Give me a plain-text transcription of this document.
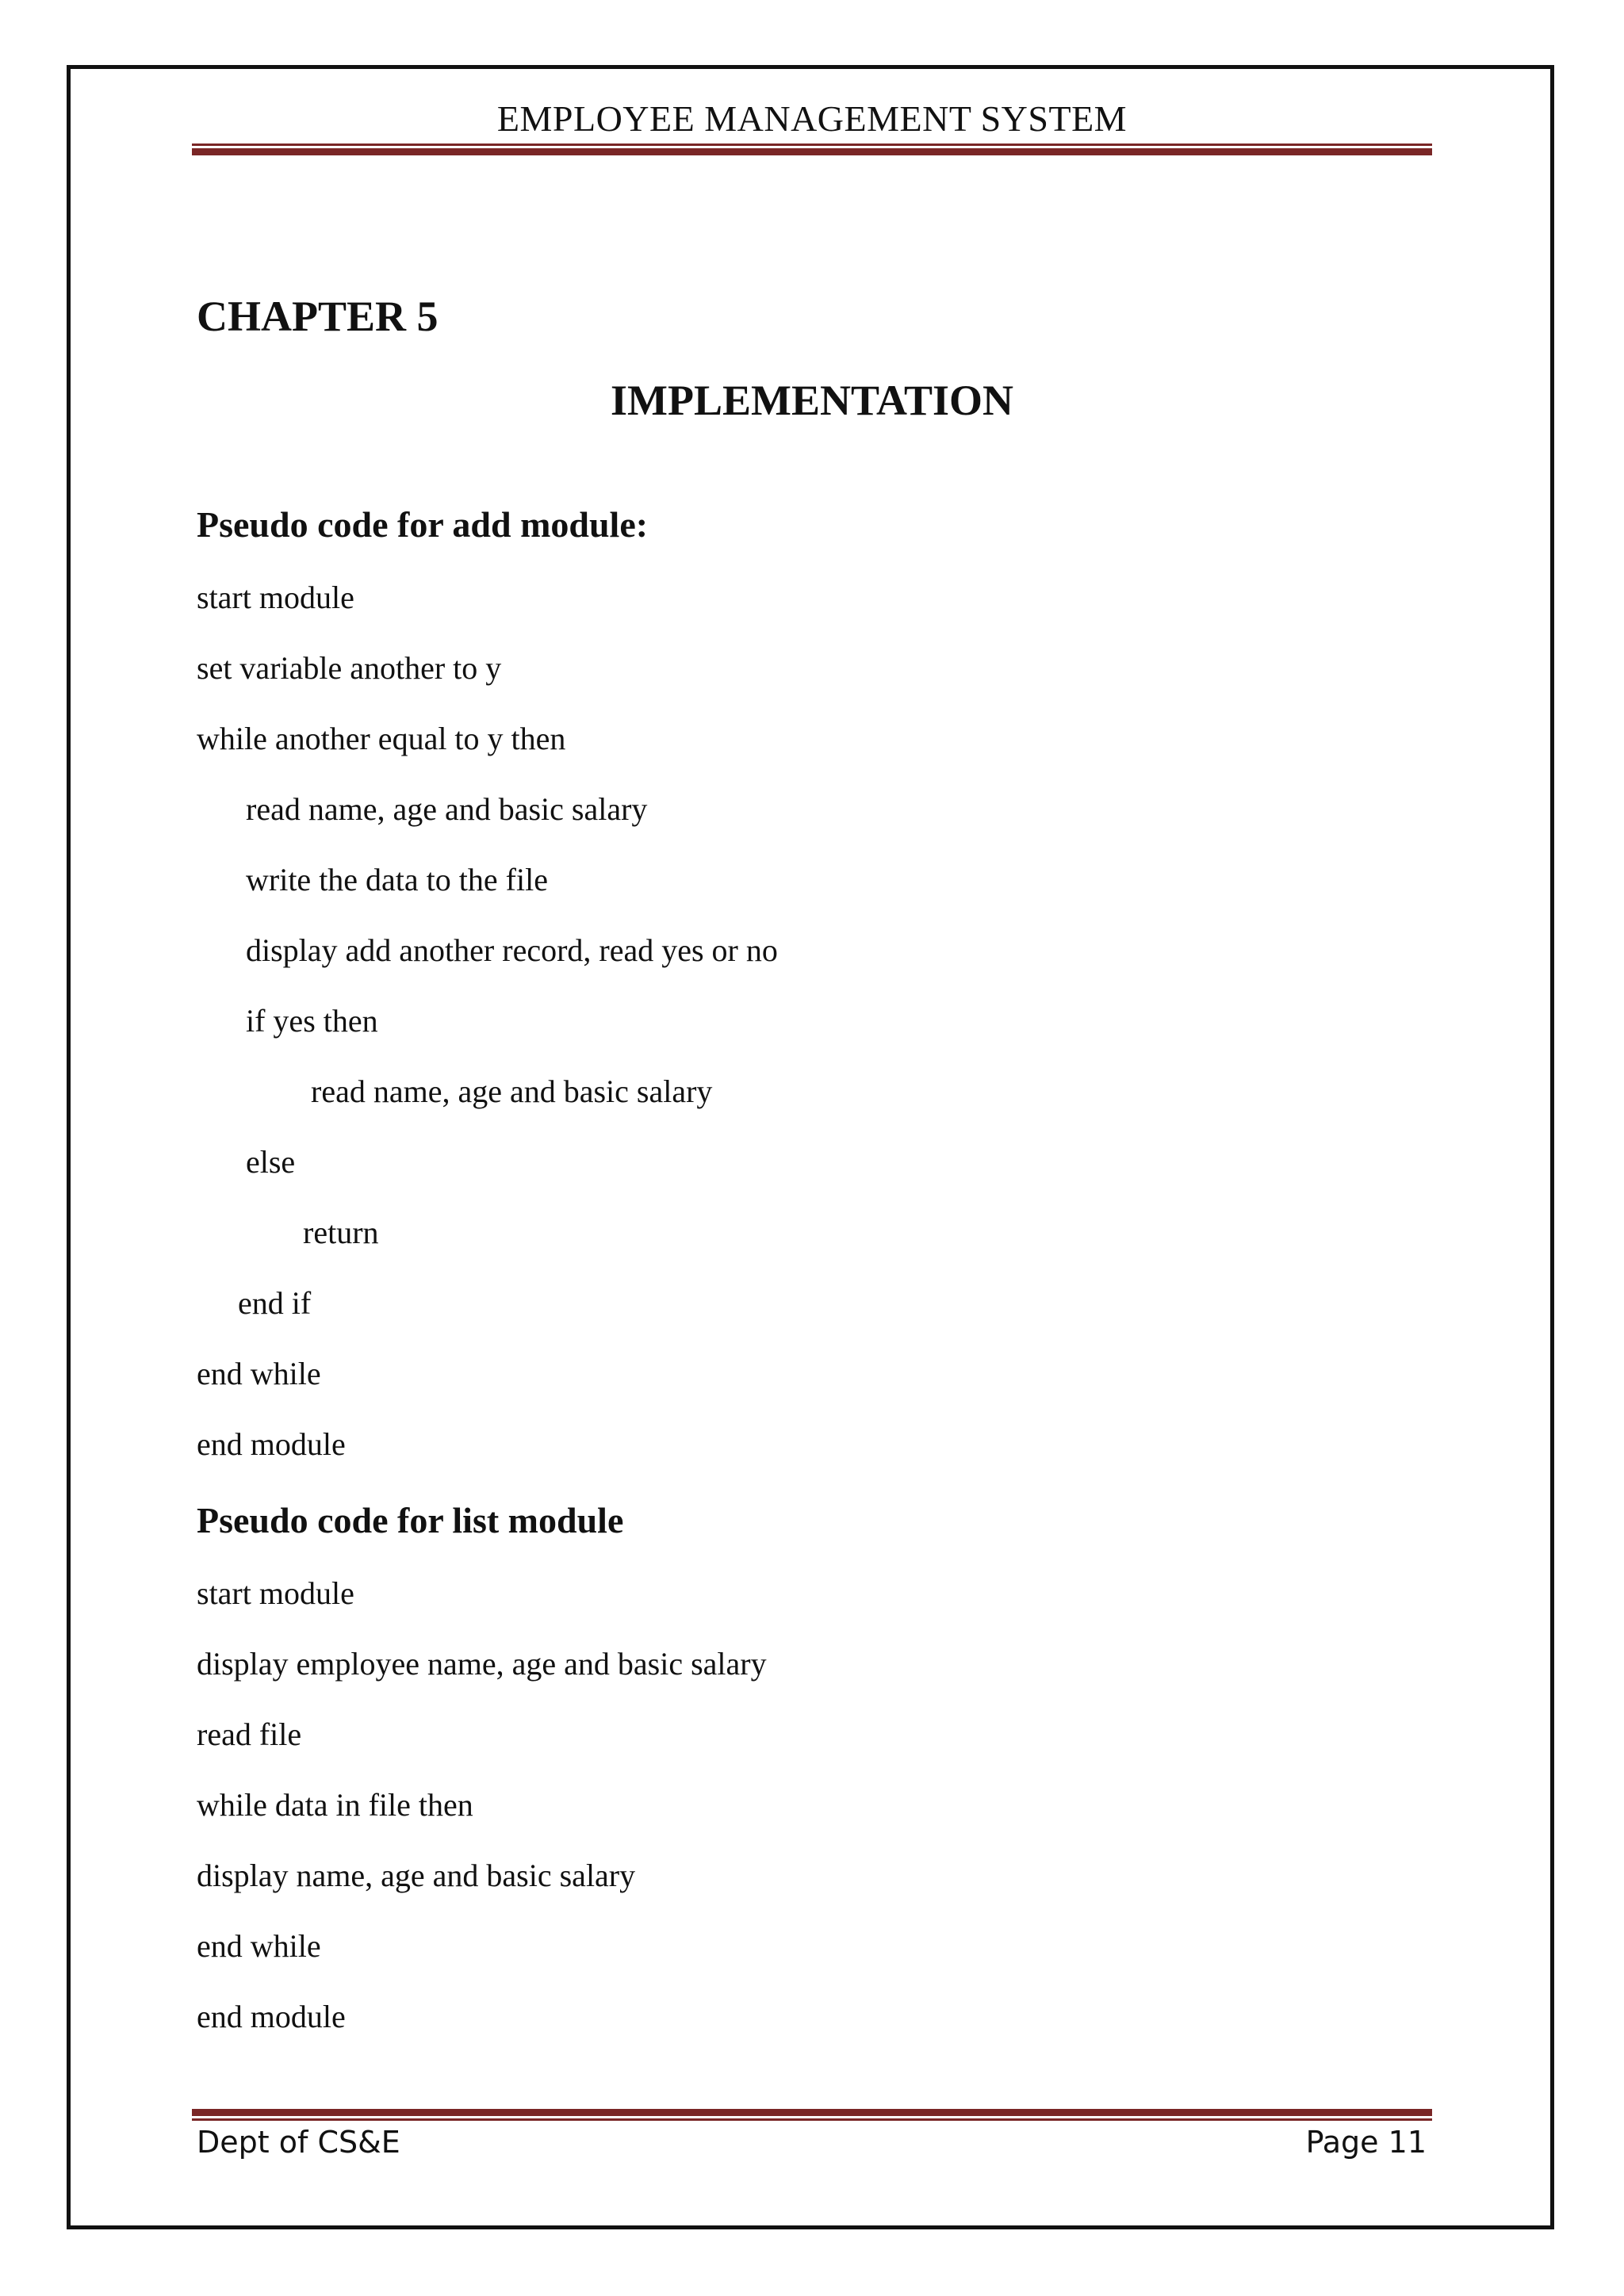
EMPLOYEE MANAGEMENT SYSTEM
CHAPTER 5
IMPLEMENTATION
Pseudo code for add module:
start module
set variable another to y
while another equal to y then
read name, age and basic salary
write the data to the file
display add another record, read yes or no
if yes then
read name, age and basic salary
else
return
end if
end while
end module
Pseudo code for list module
start module
display employee name, age and basic salary
read file
while data in file then
display name, age and basic salary
end while
end module
Dept of CS&E	Page 11
